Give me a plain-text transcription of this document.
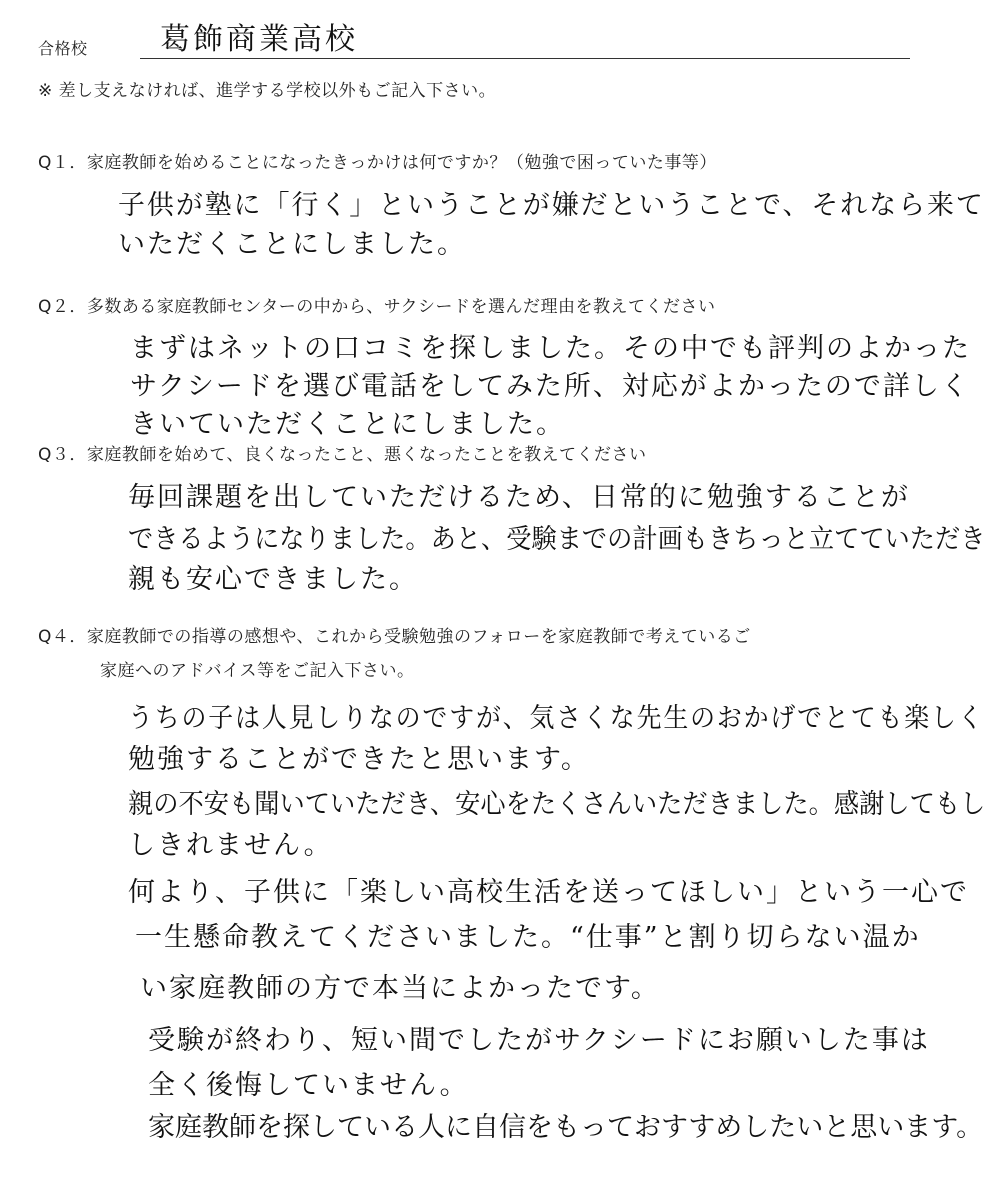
合格校 葛飾商業高校
※ 差し支えなければ、進学する学校以外もご記入下さい。
Q１．家庭教師を始めることになったきっかけは何ですか？（勉強で困っていた事等）
子供が塾に「行く」ということが嫌だということで、それなら来て
いただくことにしました。
Q２．多数ある家庭教師センターの中から、サクシードを選んだ理由を教えてください
まずはネットの口コミを探しました。その中でも評判のよかった
サクシードを選び電話をしてみた所、対応がよかったので詳しく
きいていただくことにしました。
Q３．家庭教師を始めて、良くなったこと、悪くなったことを教えてください
毎回課題を出していただけるため、日常的に勉強することが
できるようになりました。あと、受験までの計画もきちっと立てていただき
親も安心できました。
Q４．家庭教師での指導の感想や、これから受験勉強のフォローを家庭教師で考えているご
家庭へのアドバイス等をご記入下さい。
うちの子は人見しりなのですが、気さくな先生のおかげでとても楽しく
勉強することができたと思います。
親の不安も聞いていただき、安心をたくさんいただきました。感謝してもし
しきれません。
何より、子供に「楽しい高校生活を送ってほしい」という一心で
一生懸命教えてくださいました。“仕事”と割り切らない温か
い家庭教師の方で本当によかったです。
受験が終わり、短い間でしたがサクシードにお願いした事は
全く後悔していません。
家庭教師を探している人に自信をもっておすすめしたいと思います。
